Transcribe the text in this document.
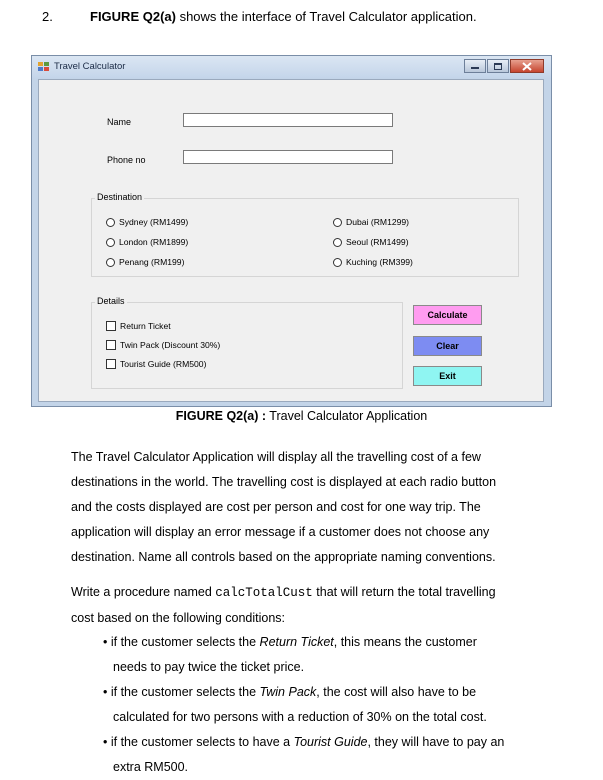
2.	FIGURE Q2(a) shows the interface of Travel Calculator application.
Travel Calculator
Name
Phone no
Destination
Sydney (RM1499)
London (RM1899)
Penang (RM199)
Dubai (RM1299)
Seoul (RM1499)
Kuching (RM399)
Details
Return Ticket
Twin Pack (Discount 30%)
Tourist Guide (RM500)
Calculate
Clear
Exit
FIGURE Q2(a) : Travel Calculator Application
The Travel Calculator Application will display all the travelling cost of a few
destinations in the world. The travelling cost is displayed at each radio button
and the costs displayed are cost per person and cost for one way trip. The
application will display an error message if a customer does not choose any
destination. Name all controls based on the appropriate naming conventions.
Write a procedure named calcTotalCust that will return the total travelling
cost based on the following conditions:
• if the customer selects the Return Ticket, this means the customer
needs to pay twice the ticket price.
• if the customer selects the Twin Pack, the cost will also have to be
calculated for two persons with a reduction of 30% on the total cost.
• if the customer selects to have a Tourist Guide, they will have to pay an
extra RM500.
